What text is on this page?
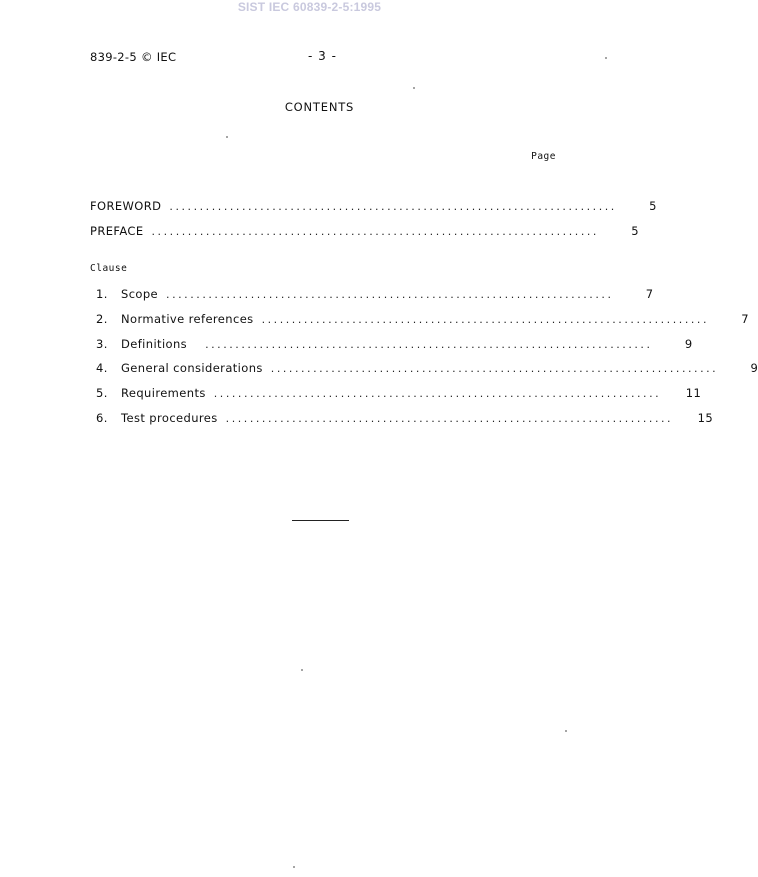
SIST IEC 60839-2-5:1995
839-2-5 © IEC	- 3 -
CONTENTS
Page
FOREWORD ..........................................................................	5
PREFACE ..........................................................................	5
Clause
1.	Scope ..........................................................................	7
2.	Normative references ..........................................................................	7
3.	Definitions ..........................................................................	9
4.	General considerations ..........................................................................	9
5.	Requirements ..........................................................................	11
6.	Test procedures ..........................................................................	15
